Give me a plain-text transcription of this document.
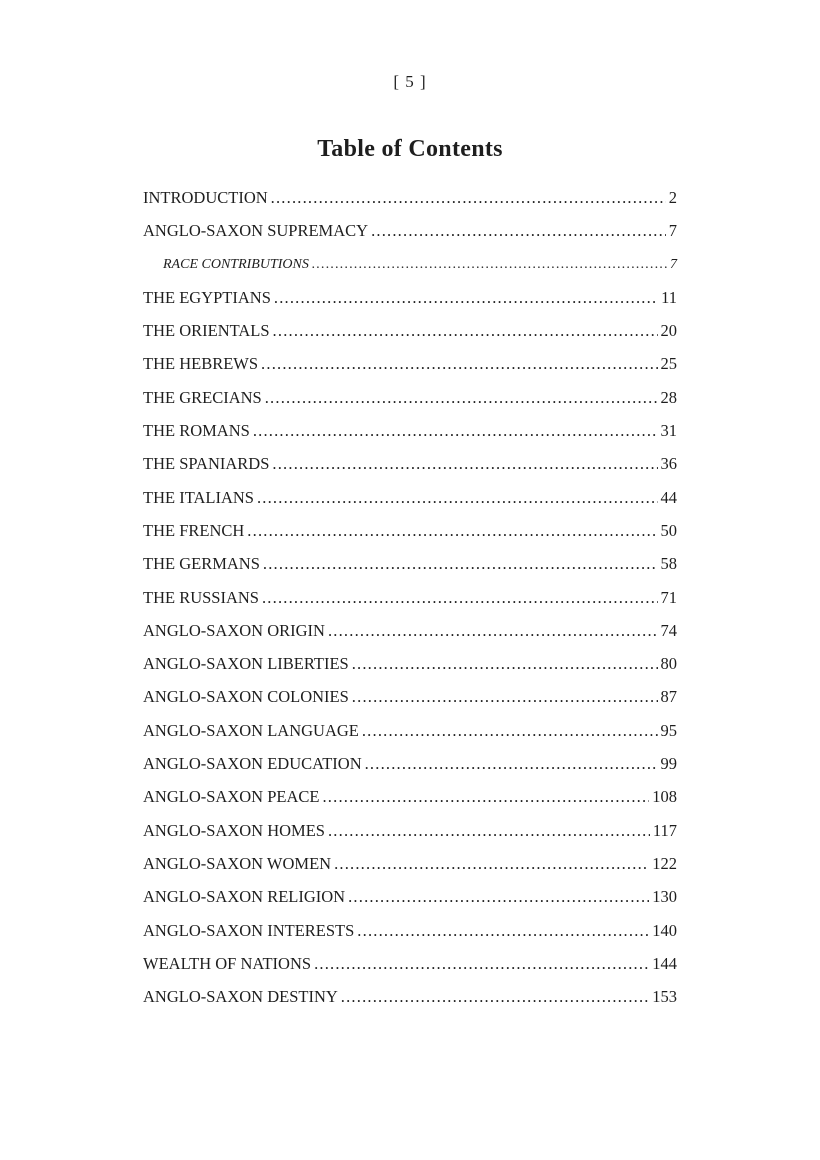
[ 5 ]
Table of Contents
INTRODUCTION .....	2
ANGLO-SAXON SUPREMACY .....	7
RACE CONTRIBUTIONS .....	7
THE EGYPTIANS .....	11
THE ORIENTALS .....	20
THE HEBREWS .....	25
THE GRECIANS .....	28
THE ROMANS .....	31
THE SPANIARDS .....	36
THE ITALIANS .....	44
THE FRENCH .....	50
THE GERMANS .....	58
THE RUSSIANS .....	71
ANGLO-SAXON ORIGIN .....	74
ANGLO-SAXON LIBERTIES .....	80
ANGLO-SAXON COLONIES .....	87
ANGLO-SAXON LANGUAGE .....	95
ANGLO-SAXON EDUCATION .....	99
ANGLO-SAXON PEACE .....	108
ANGLO-SAXON HOMES .....	117
ANGLO-SAXON WOMEN .....	122
ANGLO-SAXON RELIGION .....	130
ANGLO-SAXON INTERESTS .....	140
WEALTH OF NATIONS .....	144
ANGLO-SAXON DESTINY .....	153
